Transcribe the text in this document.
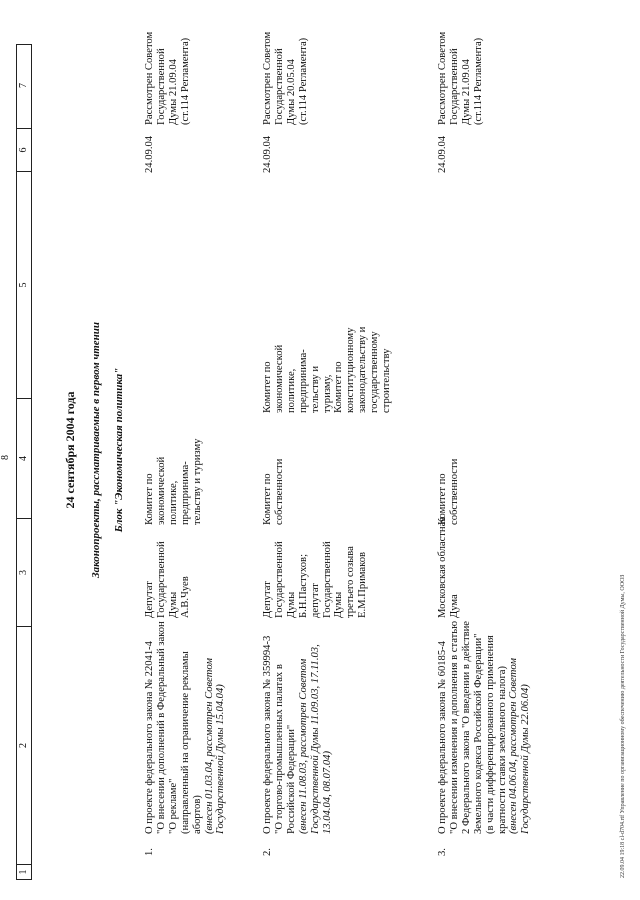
8
1
2
3
4
5
6
7
24 сентября 2004 года Законопроекты, рассматриваемые в первом чтении Блок "Экономическая политика"
1.
О проекте федерального закона № 22041-4 "О внесении дополнений в Федеральный закон "О рекламе" (направленный на ограничение рекламы абортов) (внесен 01.03.04, рассмотрен Советом Государственной Думы 15.04.04)
Депутат Государственной Думы А.В.Чуев
Комитет по экономической политике, предпринима- тельству и туризму
24.09.04
Рассмотрен Советом Государственной Думы 21.09.04 (ст.114 Регламента)
2.
О проекте федерального закона № 359994-3 "О торгово-промышленных палатах в Российской Федерации" (внесен 11.08.03, рассмотрен Советом Государственной Думы 11.09.03, 17.11.03, 13.04.04, 08.07.04)
Депутат Государственной Думы Б.Н.Пастухов; депутат Государственной Думы третьего созыва Е.М.Примаков
Комитет по собственности
Комитет по экономической политике, предпринима- тельству и туризму, Комитет по конституционному законодательству и государственному строительству
24.09.04
Рассмотрен Советом Государственной Думы 20.05.04 (ст.114 Регламента)
3.
О проекте федерального закона № 60185-4 "О внесении изменения и дополнения в статью 2 Федерального закона "О введении в действие Земельного кодекса Российской Федерации" (в части дифференцированного применения кратности ставки земельного налога) (внесен 04.06.04, рассмотрен Советом Государственной Думы 22.06.04)
Московская областная Дума
Комитет по собственности
24.09.04
Рассмотрен Советом Государственной Думы 21.09.04 (ст.114 Регламента)
22.09.04 19:18 cl-d704.rtf Управление по организационному обеспечению деятельности Государственной Думы, ОООЗ
